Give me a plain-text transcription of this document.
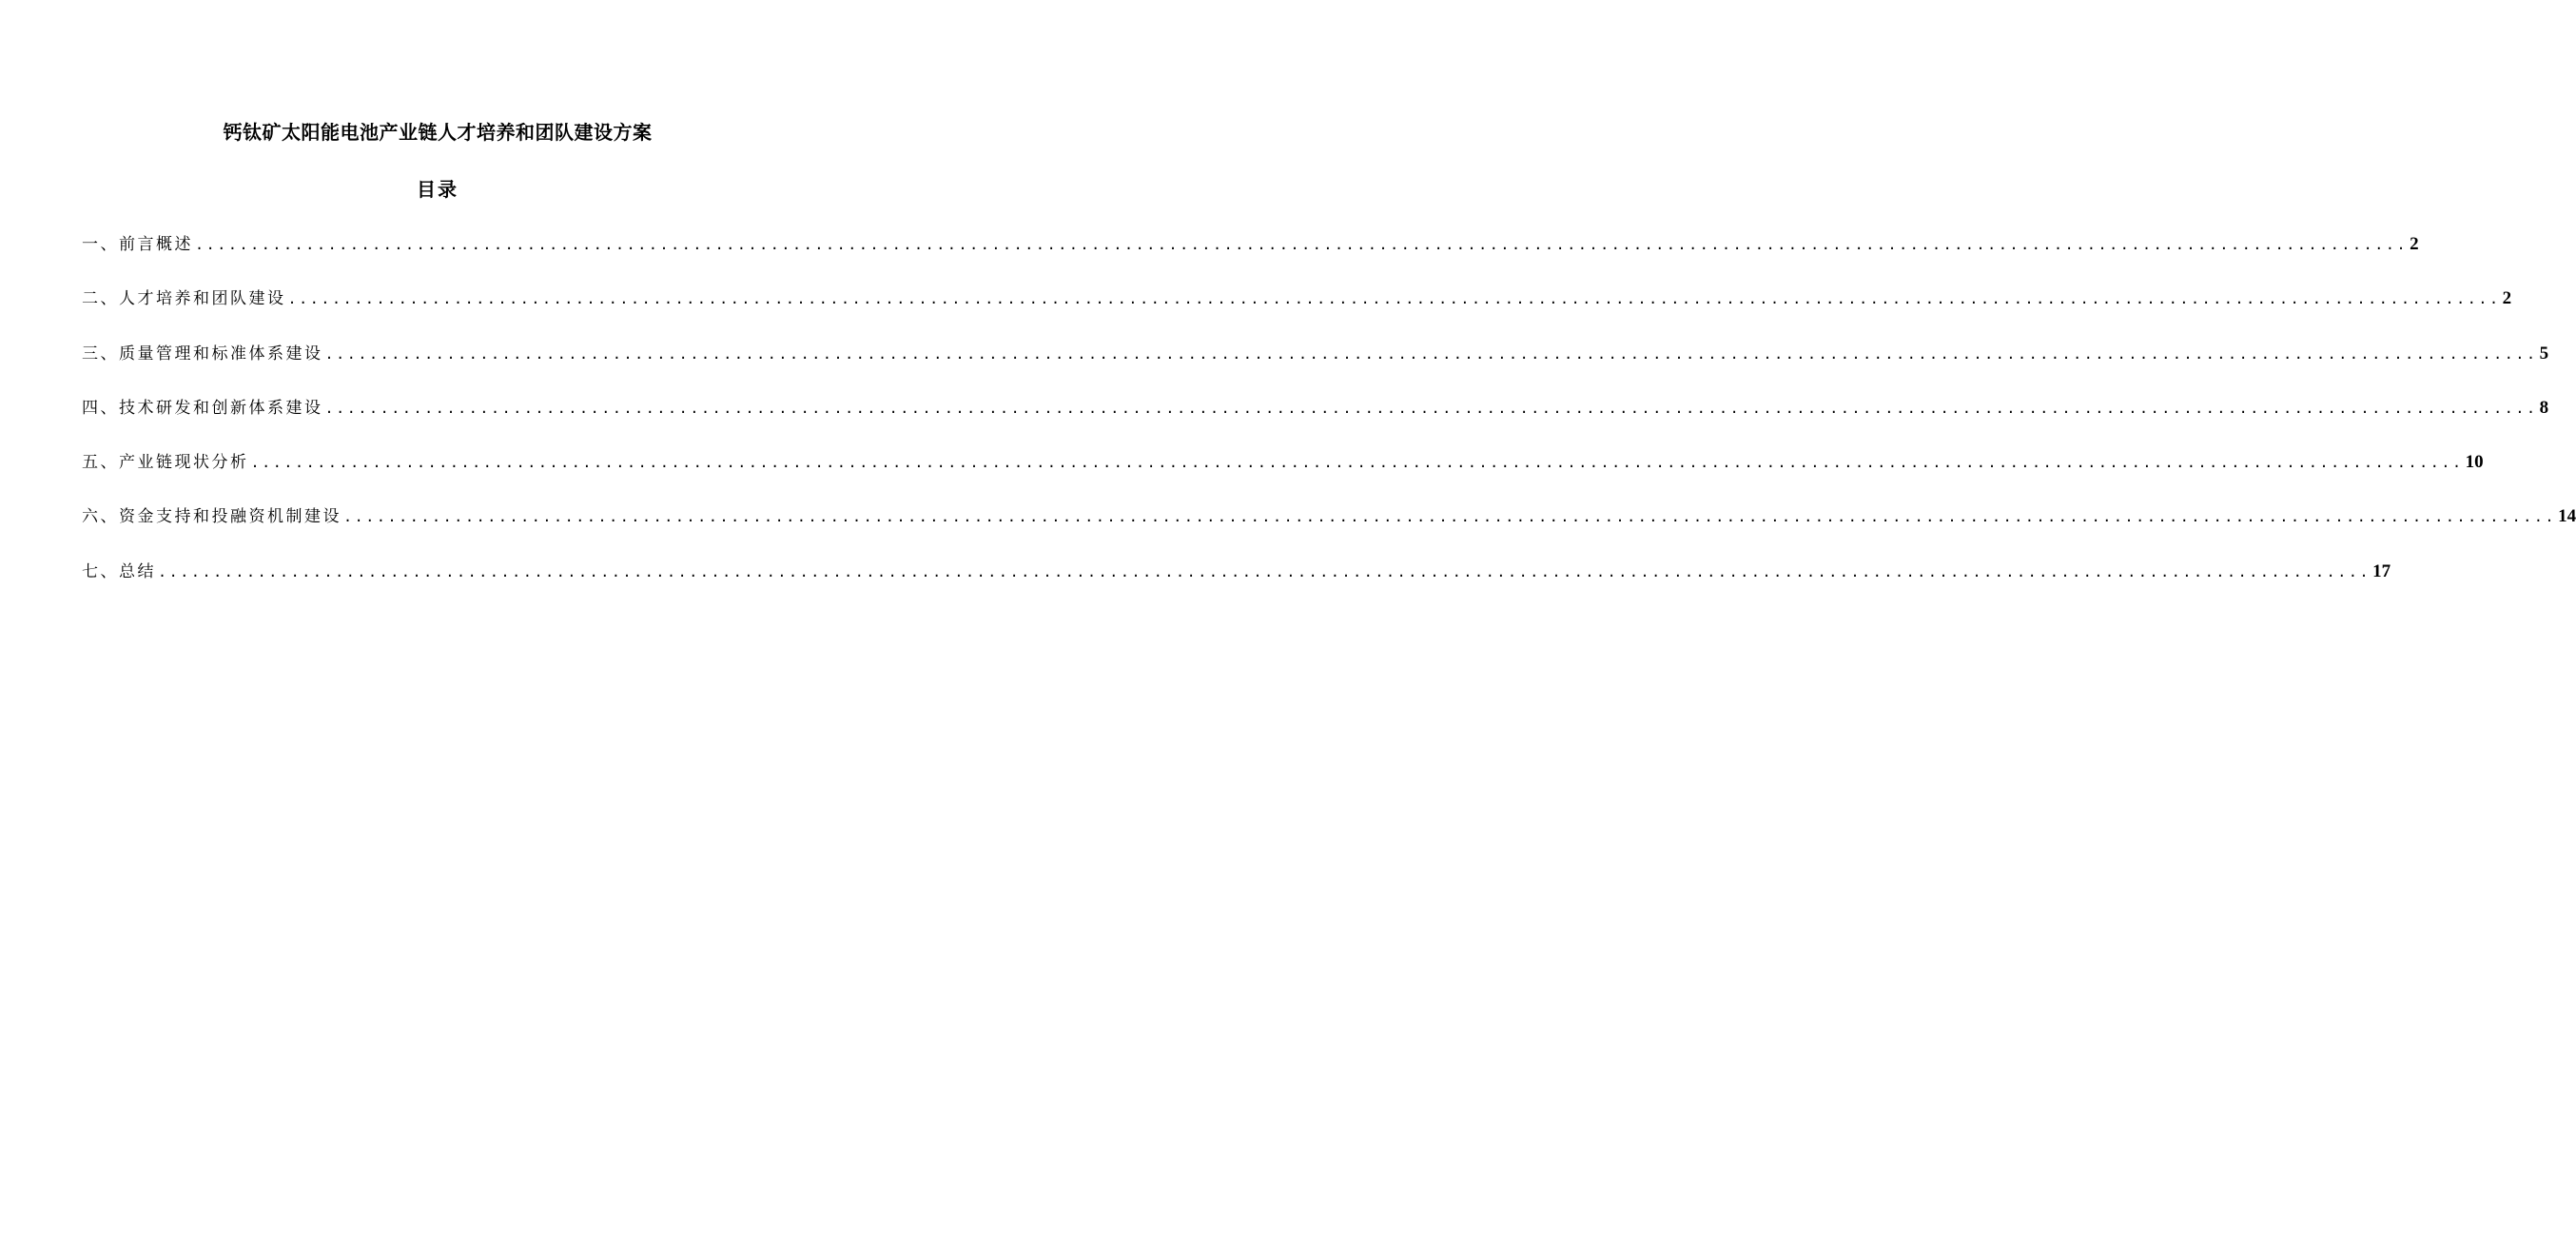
钙钛矿太阳能电池产业链人才培养和团队建设方案
目录
一、前言概述 ........................................................................................................................................................................................................ 2
二、人才培养和团队建设 ........................................................................................................................................................................................................ 2
三、质量管理和标准体系建设 ........................................................................................................................................................................................................ 5
四、技术研发和创新体系建设 ........................................................................................................................................................................................................ 8
五、产业链现状分析 ........................................................................................................................................................................................................ 10
六、资金支持和投融资机制建设 ........................................................................................................................................................................................................ 14
七、总结 ........................................................................................................................................................................................................ 17
